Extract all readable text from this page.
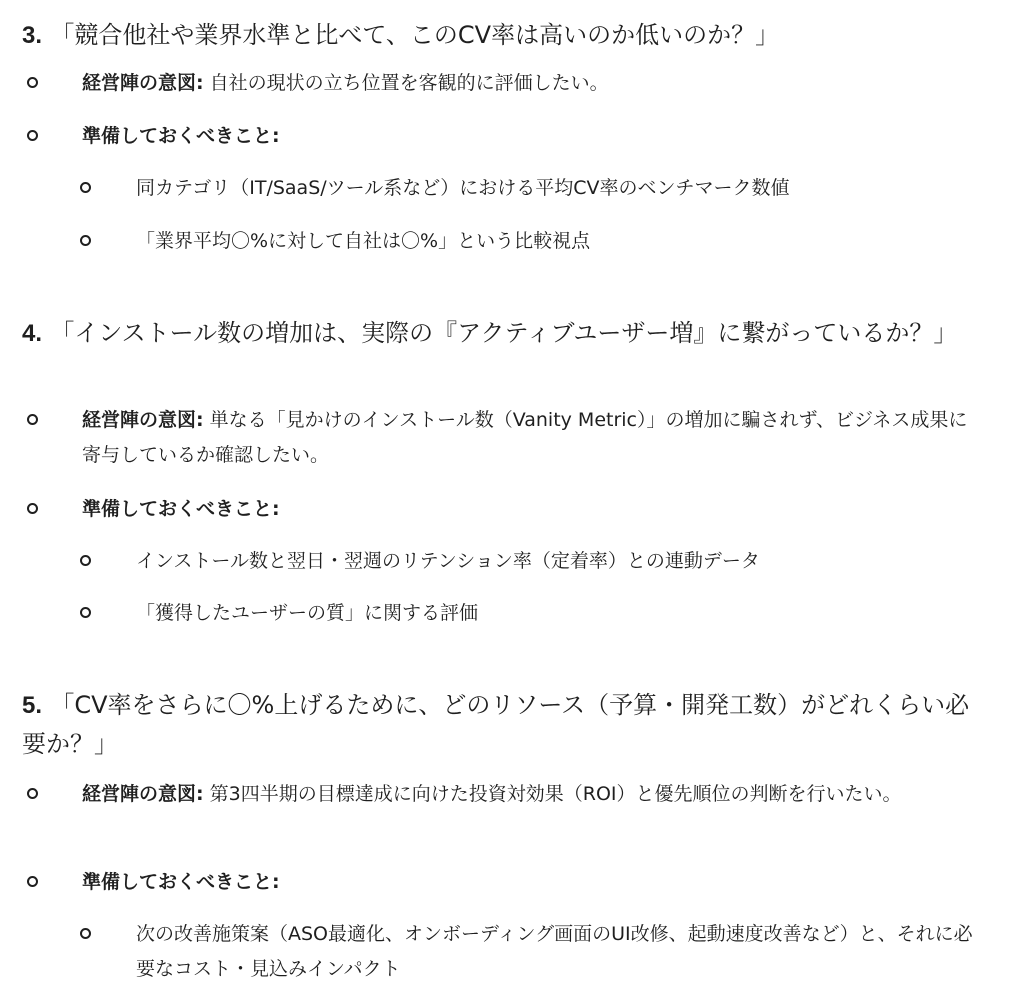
3. 「競合他社や業界水準と比べて、このCV率は高いのか低いのか？」
経営陣の意図: 自社の現状の立ち位置を客観的に評価したい。
準備しておくべきこと:
同カテゴリ（IT/SaaS/ツール系など）における平均CV率のベンチマーク数値
「業界平均〇%に対して自社は〇%」という比較視点
4. 「インストール数の増加は、実際の『アクティブユーザー増』に繋がっているか？」
経営陣の意図: 単なる「見かけのインストール数（Vanity Metric）」の増加に騙されず、ビジネス成果に寄与しているか確認したい。
準備しておくべきこと:
インストール数と翌日・翌週のリテンション率（定着率）との連動データ
「獲得したユーザーの質」に関する評価
5. 「CV率をさらに〇%上げるために、どのリソース（予算・開発工数）がどれくらい必要か？」
経営陣の意図: 第3四半期の目標達成に向けた投資対効果（ROI）と優先順位の判断を行いたい。
準備しておくべきこと:
次の改善施策案（ASO最適化、オンボーディング画面のUI改修、起動速度改善など）と、それに必要なコスト・見込みインパクト
